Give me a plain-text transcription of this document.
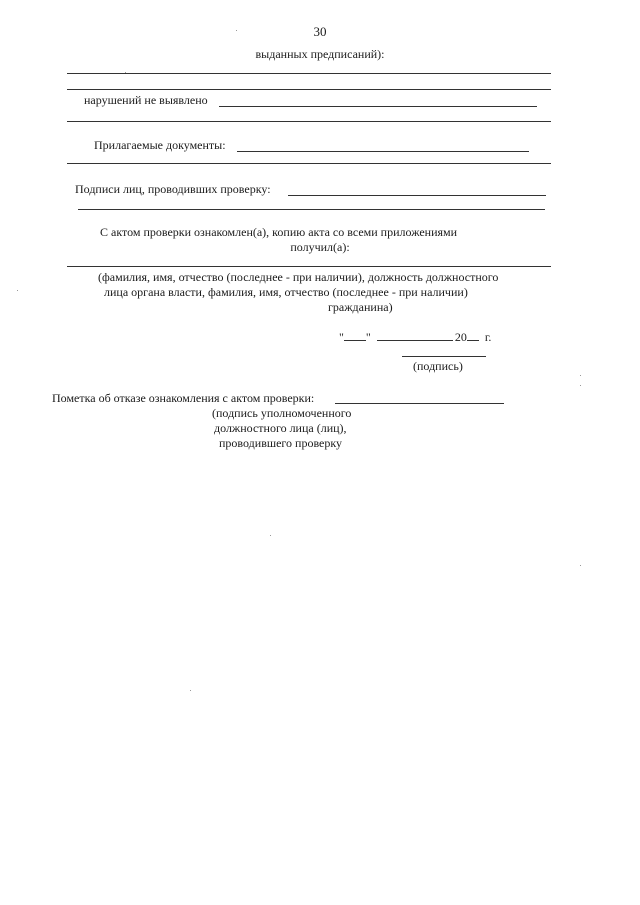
30
выданных предписаний):
нарушений не выявлено
Прилагаемые документы:
Подписи лиц, проводивших проверку:
С актом проверки ознакомлен(а), копию акта со всеми приложениями
получил(а):
(фамилия, имя, отчество (последнее - при наличии), должность должностного
лица органа власти, фамилия, имя, отчество (последнее - при наличии)
гражданина)
" "	20 г.
(подпись)
Пометка об отказе ознакомления с актом проверки:
(подпись уполномоченного
должностного лица (лиц),
проводившего проверку
